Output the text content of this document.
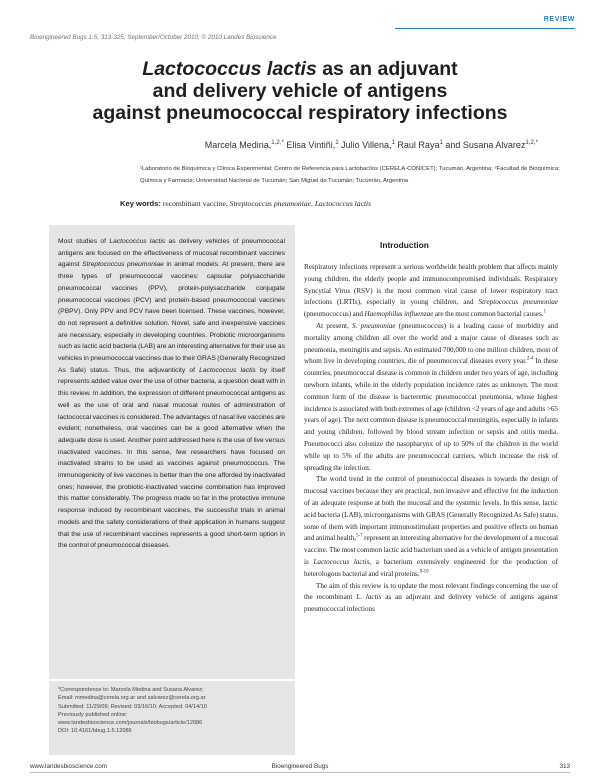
REVIEW
Bioengineered Bugs 1:5, 313-325; September/October 2010; © 2010 Landes Bioscience
Lactococcus lactis as an adjuvant
and delivery vehicle of antigens
against pneumococcal respiratory infections
Marcela Medina,$^{1,2,*}$ Elisa Vintiñi,$^1$ Julio Villena,$^1$ Raul Raya$^1$ and Susana Alvarez$^{1,2,*}$
¹Laboratorio de Bioquímica y Clínica Experimental; Centro de Referencia para Lactobacilos (CERELA-CONICET); Tucumán, Argentina; ²Facultad de Bioquímica;
Química y Farmacia; Universidad Nacional de Tucumán; San Miguel de Tucumán; Tucumán, Argentina
Key words: recombinant vaccine, Streptococcus pneumoniae, Lactococcus lactis

Most studies of Lactococcus lactis as delivery vehicles of pneumococcal antigens are focused on the effectiveness of mucosal recombinant vaccines against Streptococcus pneumoniae in animal models. At present, there are three types of pneumococcal vaccines: capsular polysaccharide pneumococcal vaccines (PPV), protein-polysaccharide conjugate pneumococcal vaccines (PCV) and protein-based pneumococcal vaccines (PBPV). Only PPV and PCV have been licensed. These vaccines, however, do not represent a definitive solution. Novel, safe and inexpensive vaccines are necessary, especially in developing countries. Probiotic microorganisms such as lactic acid bacteria (LAB) are an interesting alternative for their use as vehicles in pneumococcal vaccines due to their GRAS (Generally Recognized As Safe) status. Thus, the adjuvanticity of Lactococcus lactis by itself represents added value over the use of other bacteria, a question dealt with in this review. In addition, the expression of different pneumococcal antigens as well as the use of oral and nasal mucosal routes of administration of lactococcal vaccines is considered. The advantages of nasal live vaccines are evident; nonetheless, oral vaccines can be a good alternative when the adequate dose is used. Another point addressed here is the use of live versus inactivated vaccines. In this sense, few researchers have focused on inactivated strains to be used as vaccines against pneumococcus. The immunogenicity of live vaccines is better than the one afforded by inactivated ones; however, the probiotic-inactivated vaccine combination has improved this matter considerably. The progress made so far in the protective immune response induced by recombinant vaccines, the successful trials in animal models and the safety considerations of their application in humans suggest that the use of recombinant vaccines represents a good short-term option in the control of pneumococcal diseases.

*Correspondence to: Marcela Medina and Susana Alvarez;
Email: mmedina@cerela.org.ar and salvarez@cerela.org.ar
Submitted: 11/29/09; Revised: 03/16/10; Accepted: 04/14/10
Previously published online:
www.landesbioscience.com/journals/biobugs/article/12086
DOI: 10.4161/bbug.1.5.12086
Introduction

Respiratory infections represent a serious worldwide health problem that affects mainly young children, the elderly people and immunocompromised individuals. Respiratory Syncytial Virus (RSV) is the most common viral cause of lower respiratory tract infections (LRTIs), especially in young children, and Streptococcus pneumoniae (pneumococcus) and Haemophilus influenzae are the most common bacterial causes.$^1$

At present, S. pneumoniae (pneumococcus) is a leading cause of morbidity and mortality among children all over the world and a major cause of diseases such as pneumonia, meningitis and sepsis. An estimated 700,000 to one million children, most of whom live in developing countries, die of pneumococcal diseases every year.$^{2-4}$ In these countries, pneumococcal disease is common in children under two years of age, including newborn infants, while in the elderly population incidence rates as unknown. The most common form of the disease is bacteremic pneumococcal pneumonia, whose highest incidence is associated with both extremes of age (children <2 years of age and adults >65 years of age). The next common disease is pneumococcal meningitis, especially in infants and young children, followed by blood stream infection or sepsis and otitis media. Pneumococci also colonize the nasopharynx of up to 50% of the children in the world while up to 5% of the adults are pneumococcal carriers, which increase the risk of spreading the infection.

The world trend in the control of pneumococcal diseases is towards the design of mucosal vaccines because they are practical, non invasive and effective for the induction of an adequate response at both the mucosal and the systemic levels. In this sense, lactic acid bacteria (LAB), microorganisms with GRAS (Generally Recognized As Safe) status, some of them with important immunostimulant properties and positive effects on human and animal health,$^{5-7}$ represent an interesting alternative for the development of a mucosal vaccine. The most common lactic acid bacterium used as a vehicle of antigen presentation is Lactococcus lactis, a bacterium extensively engineered for the production of heterologous bacterial and viral proteins.$^{8-10}$

The aim of this review is to update the most relevant findings concerning the use of the recombinant L. lactis as an adjuvant and delivery vehicle of antigens against pneumococcal infections

www.landesbioscience.com	Bioengineered Bugs	313
